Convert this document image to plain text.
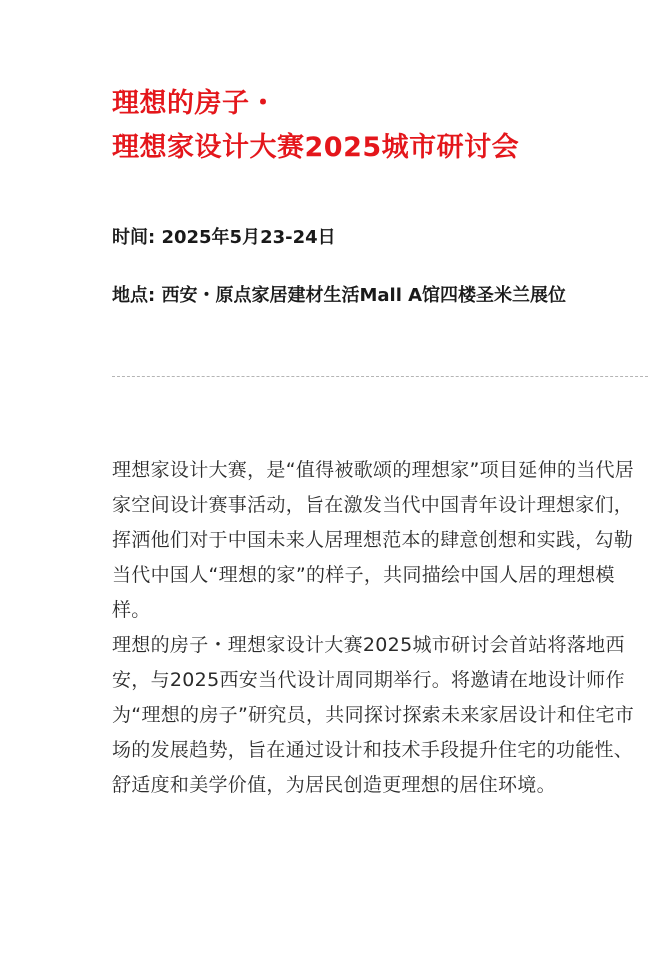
理想的房子・
理想家设计大赛2025城市研讨会
时间: 2025年5月23-24日
地点: 西安・原点家居建材生活Mall A馆四楼圣米兰展位

理想家设计大赛，是“值得被歌颂的理想家”项目延伸的当代居家空间设计赛事活动，旨在激发当代中国青年设计理想家们，挥洒他们对于中国未来人居理想范本的肆意创想和实践，勾勒当代中国人“理想的家”的样子，共同描绘中国人居的理想模样。

理想的房子・理想家设计大赛2025城市研讨会首站将落地西安，与2025西安当代设计周同期举行。将邀请在地设计师作为“理想的房子”研究员，共同探讨探索未来家居设计和住宅市场的发展趋势，旨在通过设计和技术手段提升住宅的功能性、舒适度和美学价值，为居民创造更理想的居住环境。
